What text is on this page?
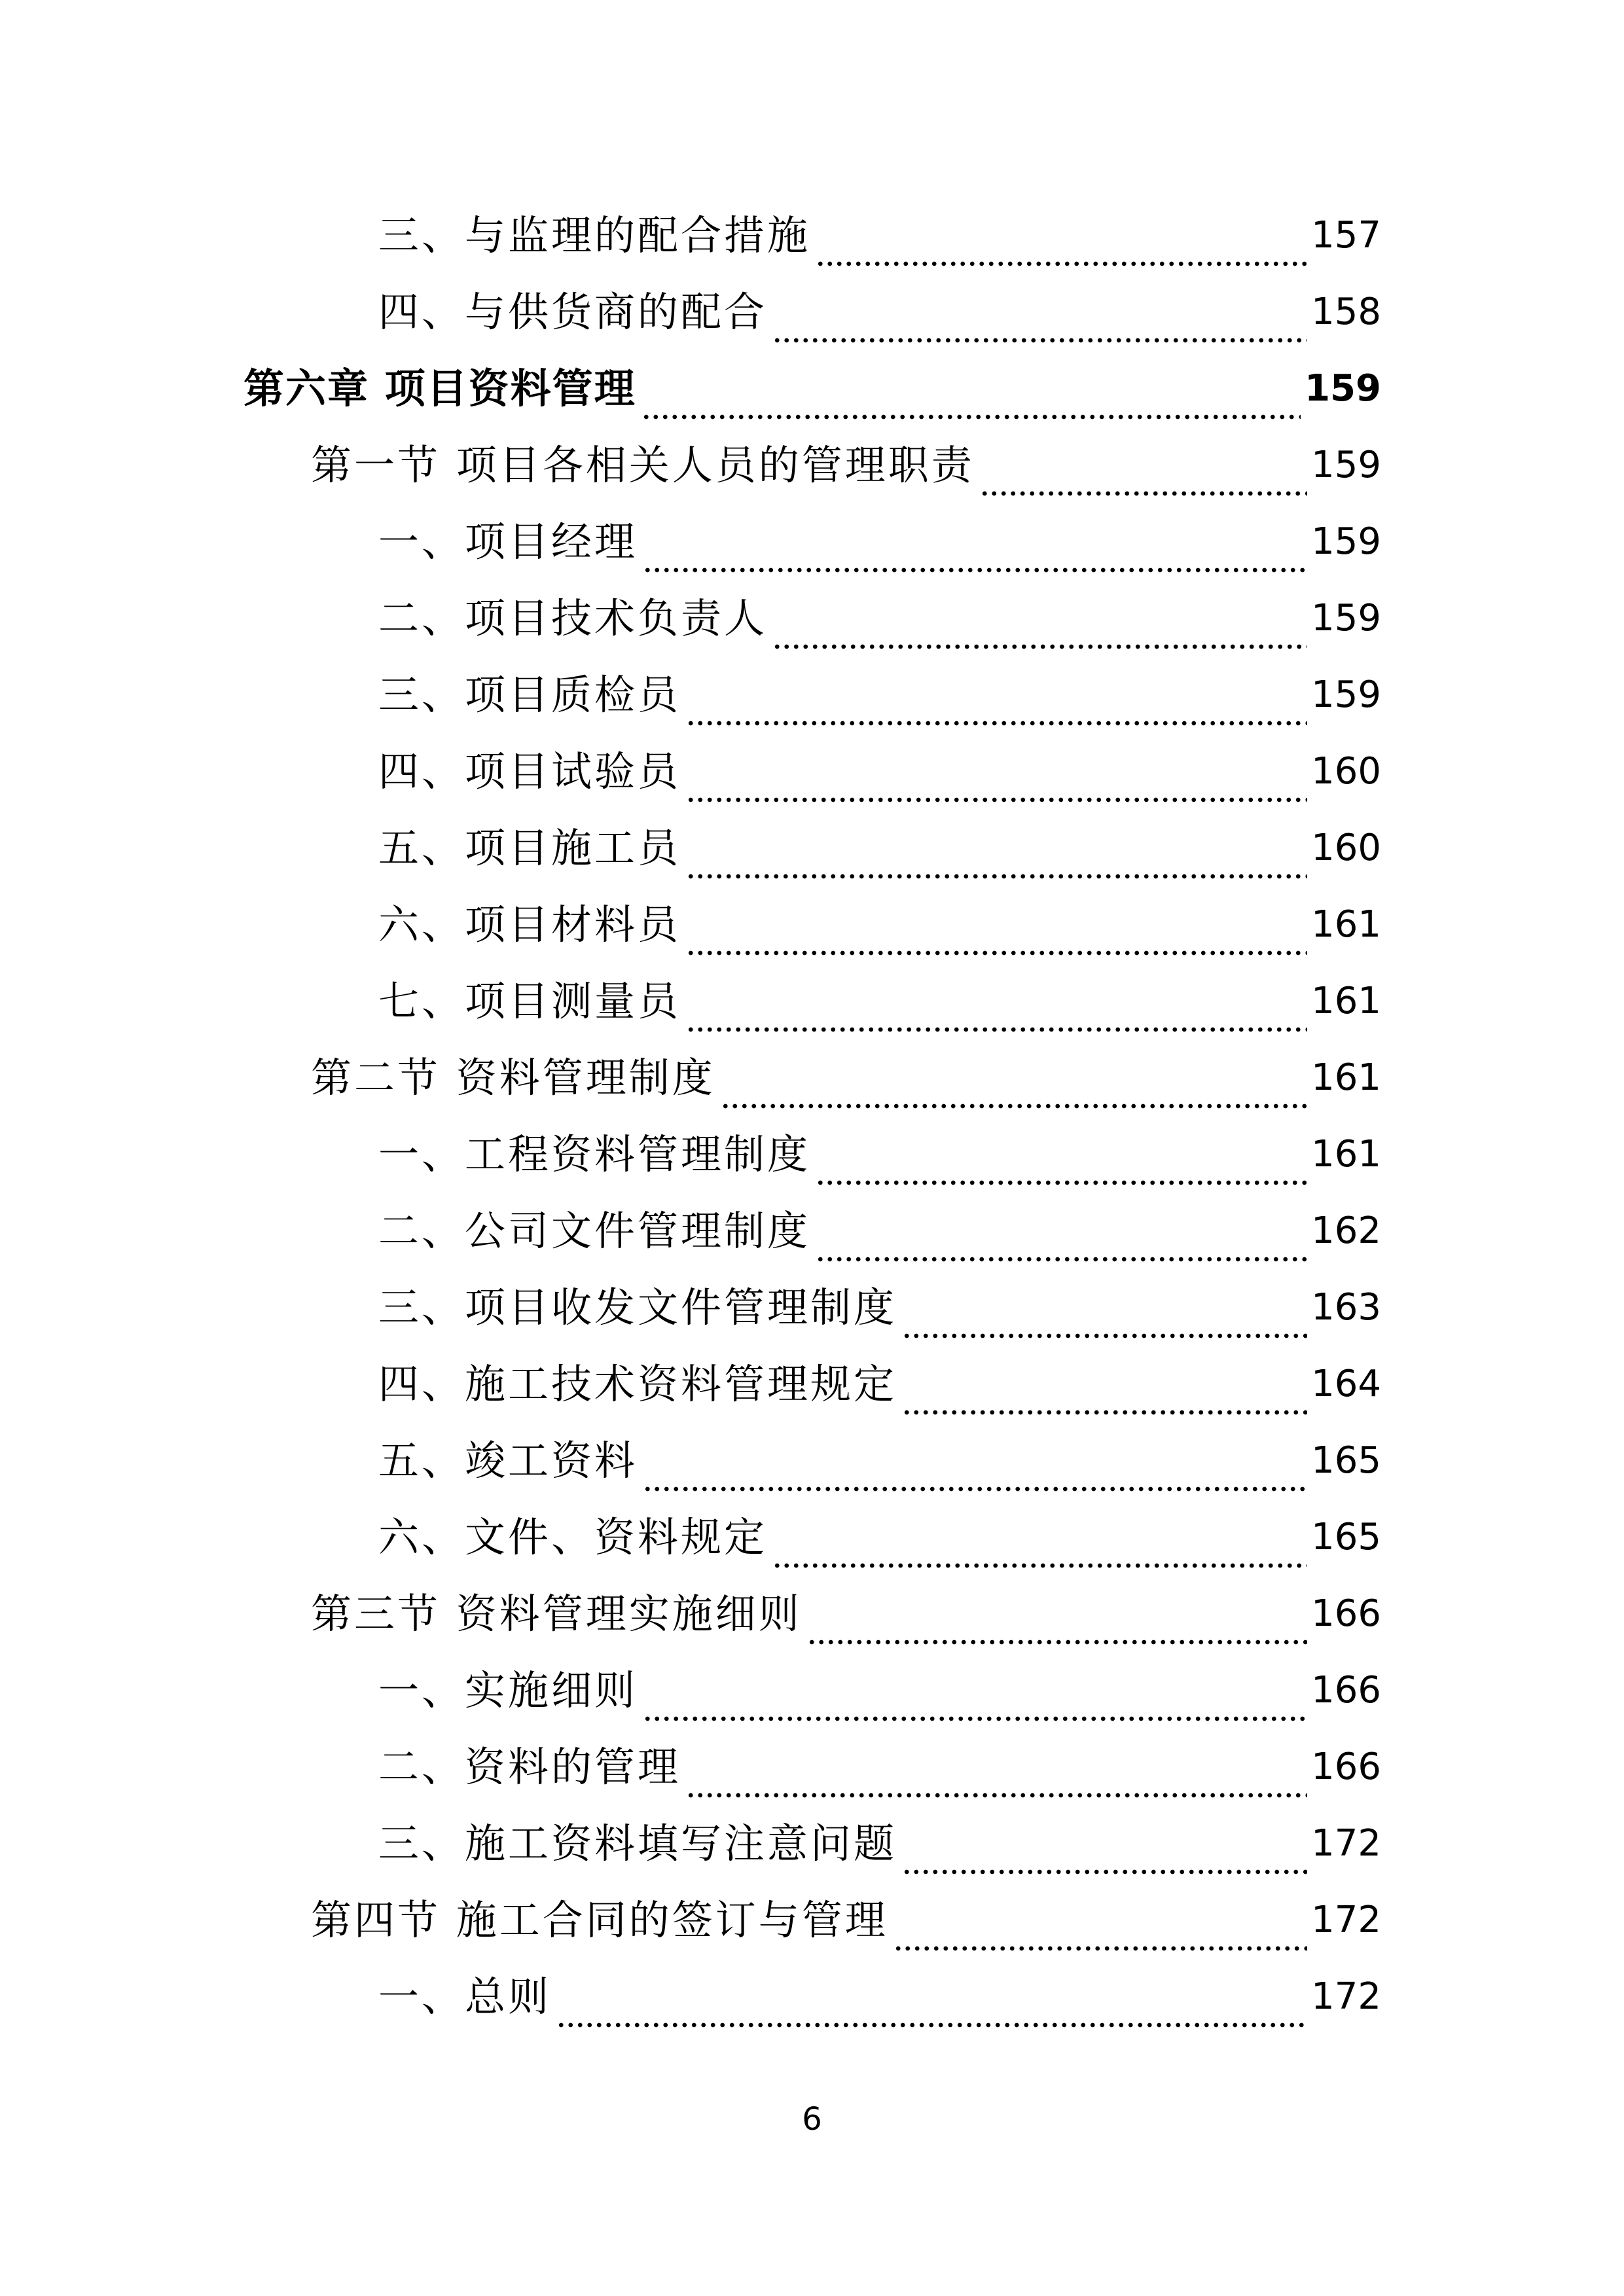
三、与监理的配合措施	157
四、与供货商的配合	158
第六章 项目资料管理	159
第一节 项目各相关人员的管理职责	159
一、项目经理	159
二、项目技术负责人	159
三、项目质检员	159
四、项目试验员	160
五、项目施工员	160
六、项目材料员	161
七、项目测量员	161
第二节 资料管理制度	161
一、工程资料管理制度	161
二、公司文件管理制度	162
三、项目收发文件管理制度	163
四、施工技术资料管理规定	164
五、竣工资料	165
六、文件、资料规定	165
第三节 资料管理实施细则	166
一、实施细则	166
二、资料的管理	166
三、施工资料填写注意问题	172
第四节 施工合同的签订与管理	172
一、总则	172
6
